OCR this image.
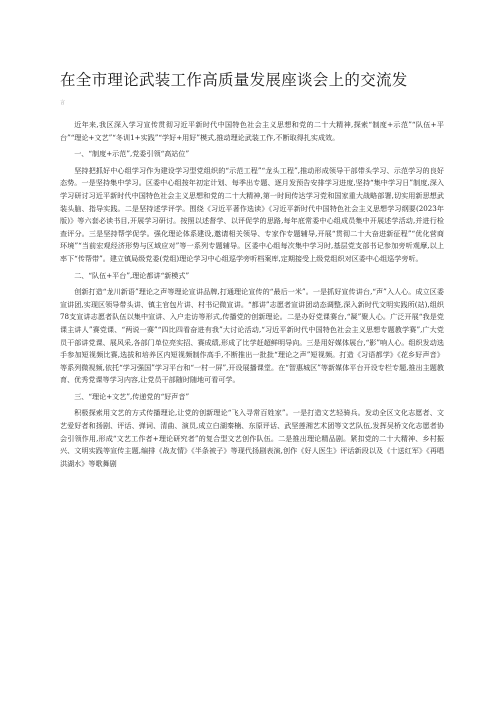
在全市理论武装工作高质量发展座谈会上的交流发
言

近年来,我区深入学习宣传贯彻习近平新时代中国特色社会主义思想和党的二十大精神,探索“制度+示范”“队伍+平台”“理论+文艺”“冬训1+实践”“学好+用好”模式,推动理论武装工作,不断取得扎实成效。

一、“制度+示范”,党委引领“高站位”

坚持把抓好中心组学习作为建设学习型党组织的“示范工程”“龙头工程”,推动形成领导干部带头学习、示范学习的良好态势。一是坚持集中学习。区委中心组按年初定计划、每季出专题、逐月发预告安排学习进度,坚持“集中学习日”制度,深入学习研讨习近平新时代中国特色社会主义思想和党的二十大精神,第一时间传达学习党和国家重大战略部署,切实用新思想武装头脑、指导实践。二是坚持述学评学。围绕《习近平著作选读》《习近平新时代中国特色社会主义思想学习纲要(2023年版)》等六套必读书目,开展学习研讨。按照以述督学、以评促学的思路,每年底常委中心组成员集中开展述学活动,并进行检查评分。三是坚持帮学促学。强化理论体系建设,邀请相关领导、专家作专题辅导,开展“贯彻二十大奋进新征程”“优化营商环境”“当前宏观经济形势与区域应对”等一系列专题辅导。区委中心组每次集中学习时,基层党支部书记参加旁听观摩,以上率下“传帮带”。建立镇局级党委(党组)理论学习中心组巡学旁听档案库,定期接受上级党组织对区委中心组巡学旁听。

二、“队伍+平台”,理论都讲“新模式”

创新打造“龙川新语”理论之声等理论宣讲品牌,打通理论宣传的“最后一米”。一是抓好宣传讲台,“声”入人心。成立区委宣讲团,实现区领导带头讲、镇主官包片讲、村书记微宣讲。“都讲”志愿者宣讲团动态调整,深入新时代文明实践所(站),组织78支宣讲志愿者队伍以集中宣讲、入户走访等形式,传播党的创新理论。二是办好党课赛台,“凝”聚人心。广泛开展“我是党课主讲人”赛党课、“两说一赛”“四比四看奋进有我”大讨论活动,“习近平新时代中国特色社会主义思想专题教学赛”,广大党员干部讲党课、展风采,各部门单位亮实招、赛成绩,形成了比学赶超鲜明导向。三是用好媒体展台,“影”响人心。组织发动选手参加短视频比赛,选拔和培养区内短视频制作高手,不断推出一批批“理论之声”短视频。打造《习语都学》《花乡好声音》等系列微视频,依托“学习强国”学习平台和“一村一屏”,开设展播课堂。在“智惠城区”等新媒体平台开设专栏专题,推出主题教育、优秀党课等学习内容,让党员干部随时随地可看可学。

三、“理论+文艺”,传递党的“好声音”

积极探索用文艺的方式传播理论,让党的创新理论“飞入寻常百姓家”。一是打造文艺轻骑兵。发动全区文化志愿者、文艺爱好者和扬剧、评话、弹词、清曲、演员,成立白湖秦楠、东原评话、武坚莲湘艺术团等文艺队伍,发挥吴桥文化志愿者协会引领作用,形成“文艺工作者+理论研究者”的复合型文艺创作队伍。二是推出理论精品剧。紧扣党的二十大精神、乡村振兴、文明实践等宣传主题,编排《战友情》《半条被子》等现代扬剧表演,创作《好人医生》评话新段以及《十送红军》《再唱洪湖水》等歌舞剧
